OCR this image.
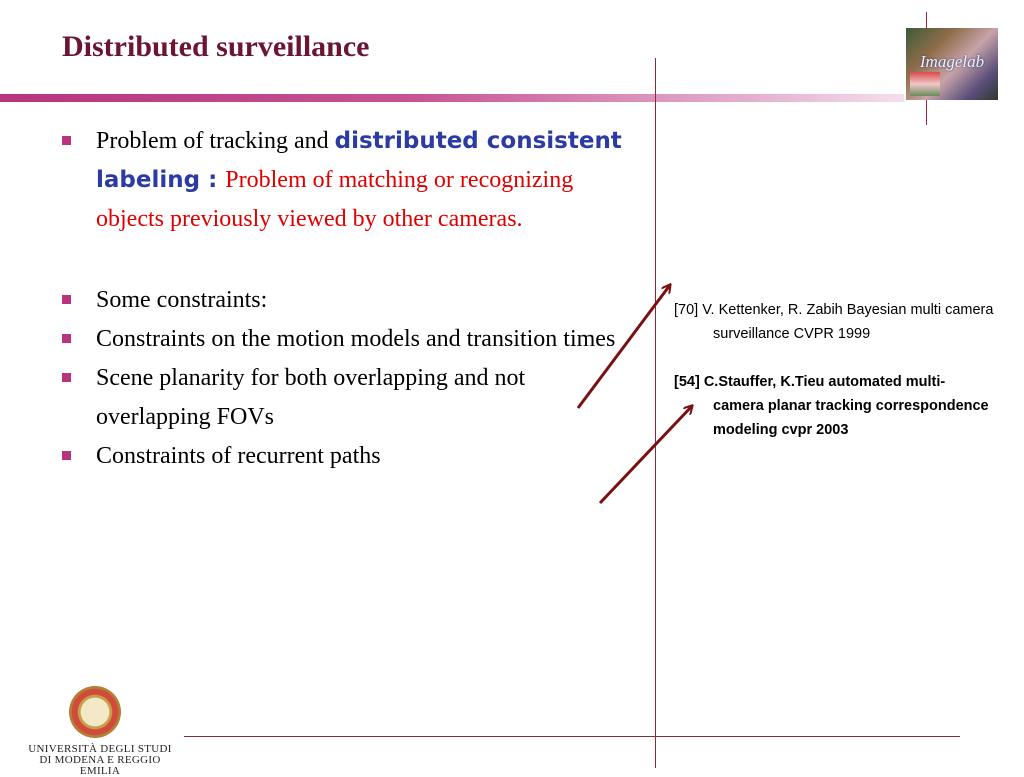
Distributed surveillance	Imagelab
Problem of tracking and distributed consistent labeling : Problem of matching or recognizing objects previously viewed by other cameras.
Some constraints:
Constraints on the motion models and transition times
Scene planarity for both overlapping and not overlapping FOVs
Constraints of recurrent paths
[70] V. Kettenker, R. Zabih Bayesian multi camera surveillance CVPR 1999
[54] C.Stauffer, K.Tieu automated multi-camera planar tracking correspondence modeling cvpr 2003
UNIVERSITÀ DEGLI STUDI
DI MODENA E REGGIO EMILIA
